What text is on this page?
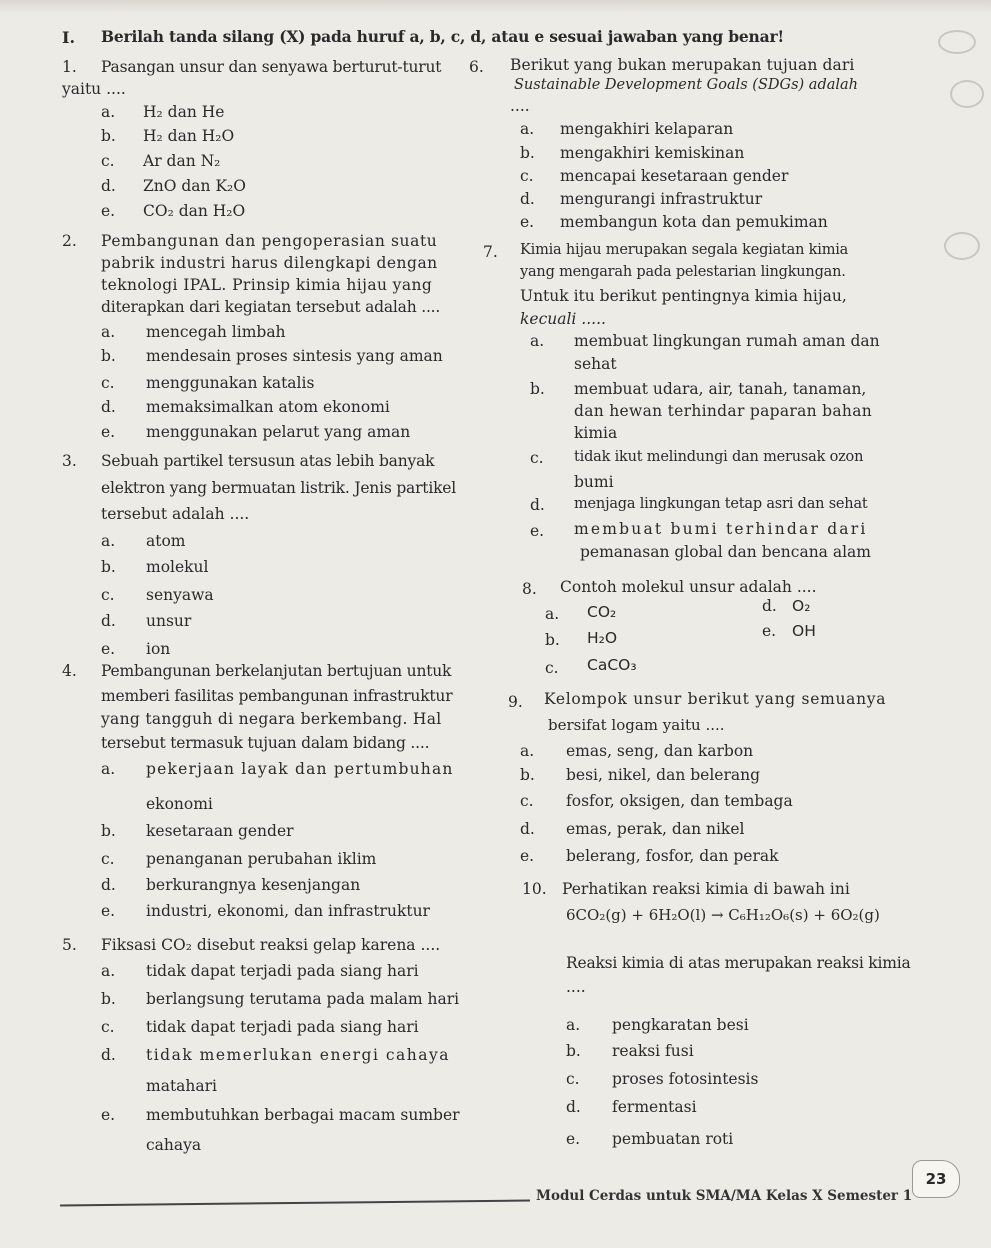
I. Berilah tanda silang (X) pada huruf a, b, c, d, atau e sesuai jawaban yang benar!
1. Pasangan unsur dan senyawa berturut-turut
yaitu ....
a. H₂ dan He
b. H₂ dan H₂O
c. Ar dan N₂
d. ZnO dan K₂O
e. CO₂ dan H₂O
2. Pembangunan dan pengoperasian suatu
pabrik industri harus dilengkapi dengan
teknologi IPAL. Prinsip kimia hijau yang
diterapkan dari kegiatan tersebut adalah ....
a. mencegah limbah
b. mendesain proses sintesis yang aman
c. menggunakan katalis
d. memaksimalkan atom ekonomi
e. menggunakan pelarut yang aman
3. Sebuah partikel tersusun atas lebih banyak
elektron yang bermuatan listrik. Jenis partikel
tersebut adalah ....
a. atom
b. molekul
c. senyawa
d. unsur
e. ion
4. Pembangunan berkelanjutan bertujuan untuk
memberi fasilitas pembangunan infrastruktur
yang tangguh di negara berkembang. Hal
tersebut termasuk tujuan dalam bidang ....
a. pekerjaan layak dan pertumbuhan
ekonomi
b. kesetaraan gender
c. penanganan perubahan iklim
d. berkurangnya kesenjangan
e. industri, ekonomi, dan infrastruktur
5. Fiksasi CO₂ disebut reaksi gelap karena ....
a. tidak dapat terjadi pada siang hari
b. berlangsung terutama pada malam hari
c. tidak dapat terjadi pada siang hari
d. tidak memerlukan energi cahaya
matahari
e. membutuhkan berbagai macam sumber
cahaya
6. Berikut yang bukan merupakan tujuan dari
Sustainable Development Goals (SDGs) adalah
....
a. mengakhiri kelaparan
b. mengakhiri kemiskinan
c. mencapai kesetaraan gender
d. mengurangi infrastruktur
e. membangun kota dan pemukiman
7. Kimia hijau merupakan segala kegiatan kimia
yang mengarah pada pelestarian lingkungan.
Untuk itu berikut pentingnya kimia hijau,
kecuali .....
a. membuat lingkungan rumah aman dan
sehat
b. membuat udara, air, tanah, tanaman,
dan hewan terhindar paparan bahan
kimia
c. tidak ikut melindungi dan merusak ozon
bumi
d. menjaga lingkungan tetap asri dan sehat
e. membuat bumi terhindar dari
pemanasan global dan bencana alam
8. Contoh molekul unsur adalah ....
a. CO₂
b. H₂O
c. CaCO₃
d. O₂
e. OH
9. Kelompok unsur berikut yang semuanya
bersifat logam yaitu ....
a. emas, seng, dan karbon
b. besi, nikel, dan belerang
c. fosfor, oksigen, dan tembaga
d. emas, perak, dan nikel
e. belerang, fosfor, dan perak
10. Perhatikan reaksi kimia di bawah ini
6CO₂(g) + 6H₂O(l) → C₆H₁₂O₆(s) + 6O₂(g)
Reaksi kimia di atas merupakan reaksi kimia
....
a. pengkaratan besi
b. reaksi fusi
c. proses fotosintesis
d. fermentasi
e. pembuatan roti
Modul Cerdas untuk SMA/MA Kelas X Semester 1
23
